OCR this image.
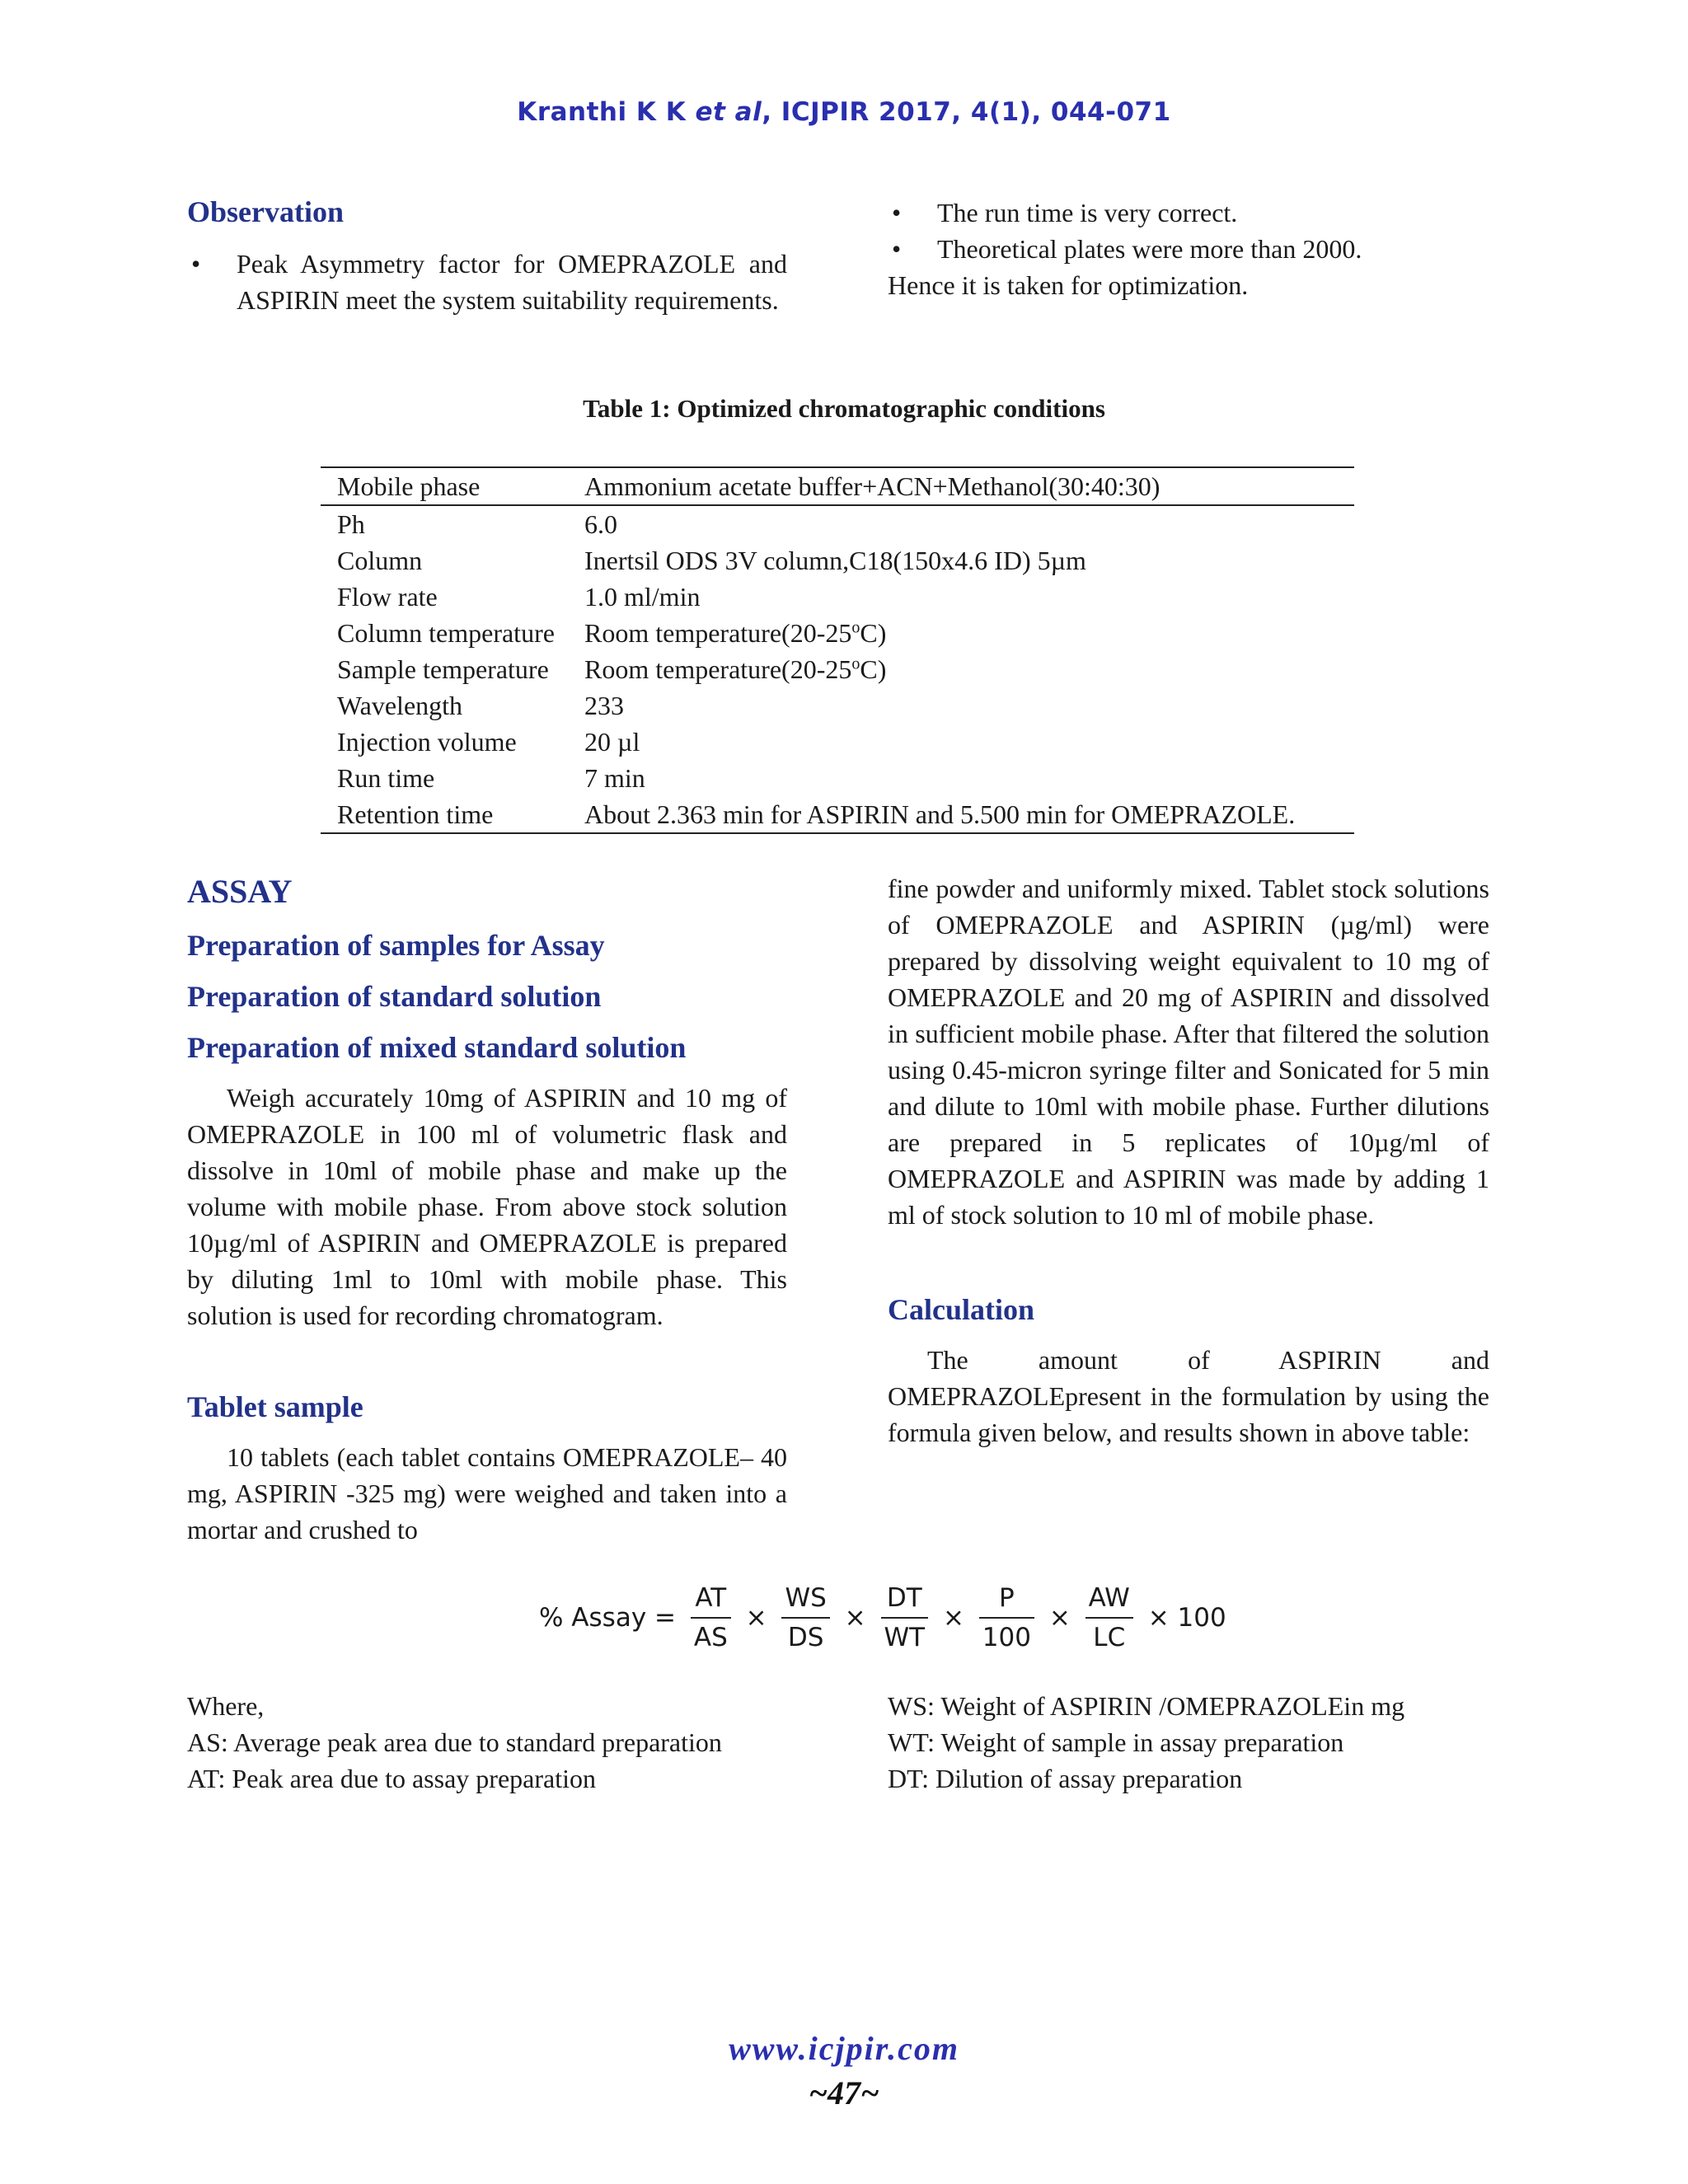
Kranthi K K et al, ICJPIR 2017, 4(1), 044-071
Observation
• Peak Asymmetry factor for OMEPRAZOLE and ASPIRIN meet the system suitability requirements.
• The run time is very correct.
• Theoretical plates were more than 2000.
Hence it is taken for optimization.
Table 1: Optimized chromatographic conditions
Mobile phase	Ammonium acetate buffer+ACN+Methanol(30:40:30)
Ph	6.0
Column	Inertsil ODS 3V column,C18(150x4.6 ID) 5µm
Flow rate	1.0 ml/min
Column temperature	Room temperature(20-25$^o$C)
Sample temperature	Room temperature(20-25$^o$C)
Wavelength	233
Injection volume	20 µl
Run time	7 min
Retention time	About 2.363 min for ASPIRIN and 5.500 min for OMEPRAZOLE.
ASSAY
Preparation of samples for Assay
Preparation of standard solution
Preparation of mixed standard solution
Weigh accurately 10mg of ASPIRIN and 10 mg of OMEPRAZOLE in 100 ml of volumetric flask and dissolve in 10ml of mobile phase and make up the volume with mobile phase. From above stock solution 10µg/ml of ASPIRIN and OMEPRAZOLE is prepared by diluting 1ml to 10ml with mobile phase. This solution is used for recording chromatogram.
Tablet sample
10 tablets (each tablet contains OMEPRAZOLE– 40 mg, ASPIRIN -325 mg) were weighed and taken into a mortar and crushed to
fine powder and uniformly mixed. Tablet stock solutions of OMEPRAZOLE and ASPIRIN (µg/ml) were prepared by dissolving weight equivalent to 10 mg of OMEPRAZOLE and 20 mg of ASPIRIN and dissolved in sufficient mobile phase. After that filtered the solution using 0.45-micron syringe filter and Sonicated for 5 min and dilute to 10ml with mobile phase. Further dilutions are prepared in 5 replicates of 10µg/ml of OMEPRAZOLE and ASPIRIN was made by adding 1 ml of stock solution to 10 ml of mobile phase.
Calculation
The amount of ASPIRIN and OMEPRAZOLEpresent in the formulation by using the formula given below, and results shown in above table:
% Assay = $\frac{AT}{AS} \times \frac{WS}{DS} \times \frac{DT}{WT} \times \frac{P}{100} \times \frac{AW}{LC} \times 100$
Where,
AS: Average peak area due to standard preparation
AT: Peak area due to assay preparation
WS: Weight of ASPIRIN /OMEPRAZOLEin mg
WT: Weight of sample in assay preparation
DT: Dilution of assay preparation
www.icjpir.com
~47~
